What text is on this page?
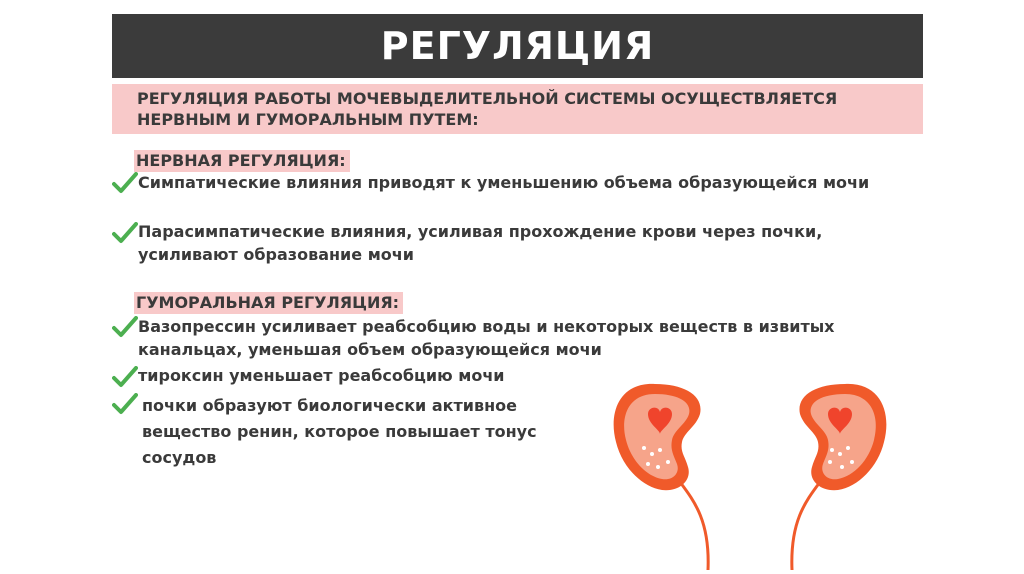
РЕГУЛЯЦИЯ
РЕГУЛЯЦИЯ РАБОТЫ МОЧЕВЫДЕЛИТЕЛЬНОЙ СИСТЕМЫ ОСУЩЕСТВЛЯЕТСЯ НЕРВНЫМ И ГУМОРАЛЬНЫМ ПУТЕМ:
НЕРВНАЯ РЕГУЛЯЦИЯ:
Симпатические влияния приводят к уменьшению объема образующейся мочи
Парасимпатические влияния, усиливая прохождение крови через почки, усиливают образование мочи
ГУМОРАЛЬНАЯ РЕГУЛЯЦИЯ:
Вазопрессин усиливает реабсобцию воды и некоторых веществ в извитых канальцах, уменьшая объем образующейся мочи
тироксин уменьшает реабсобцию мочи
почки образуют биологически активное вещество ренин, которое повышает тонус сосудов
